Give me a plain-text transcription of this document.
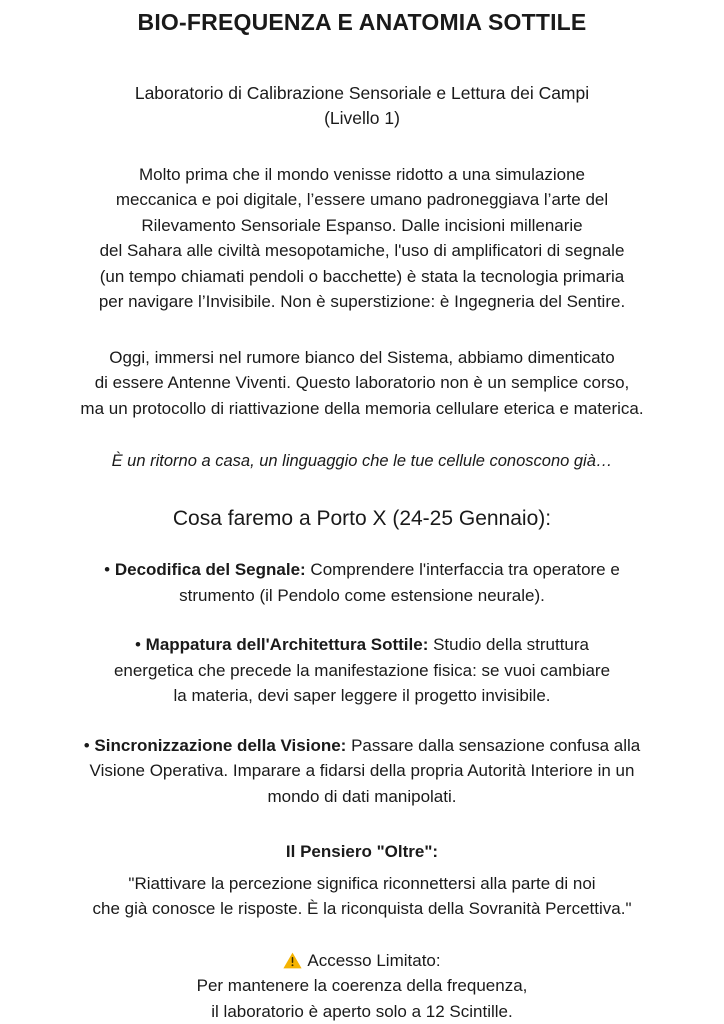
BIO-FREQUENZA E ANATOMIA SOTTILE
Laboratorio di Calibrazione Sensoriale e Lettura dei Campi
(Livello 1)
Molto prima che il mondo venisse ridotto a una simulazione
meccanica e poi digitale, l’essere umano padroneggiava l’arte del
Rilevamento Sensoriale Espanso. Dalle incisioni millenarie
del Sahara alle civiltà mesopotamiche, l'uso di amplificatori di segnale
(un tempo chiamati pendoli o bacchette) è stata la tecnologia primaria
per navigare l’Invisibile. Non è superstizione: è Ingegneria del Sentire.
Oggi, immersi nel rumore bianco del Sistema, abbiamo dimenticato
di essere Antenne Viventi. Questo laboratorio non è un semplice corso,
ma un protocollo di riattivazione della memoria cellulare eterica e materica.
È un ritorno a casa, un linguaggio che le tue cellule conoscono già…
Cosa faremo a Porto X (24-25 Gennaio):
• Decodifica del Segnale: Comprendere l'interfaccia tra operatore e
strumento (il Pendolo come estensione neurale).
• Mappatura dell'Architettura Sottile: Studio della struttura
energetica che precede la manifestazione fisica: se vuoi cambiare
la materia, devi saper leggere il progetto invisibile.
• Sincronizzazione della Visione: Passare dalla sensazione confusa alla
Visione Operativa. Imparare a fidarsi della propria Autorità Interiore in un
mondo di dati manipolati.
Il Pensiero "Oltre":
"Riattivare la percezione significa riconnettersi alla parte di noi
che già conosce le risposte. È la riconquista della Sovranità Percettiva."
Accesso Limitato:
Per mantenere la coerenza della frequenza,
il laboratorio è aperto solo a 12 Scintille.
